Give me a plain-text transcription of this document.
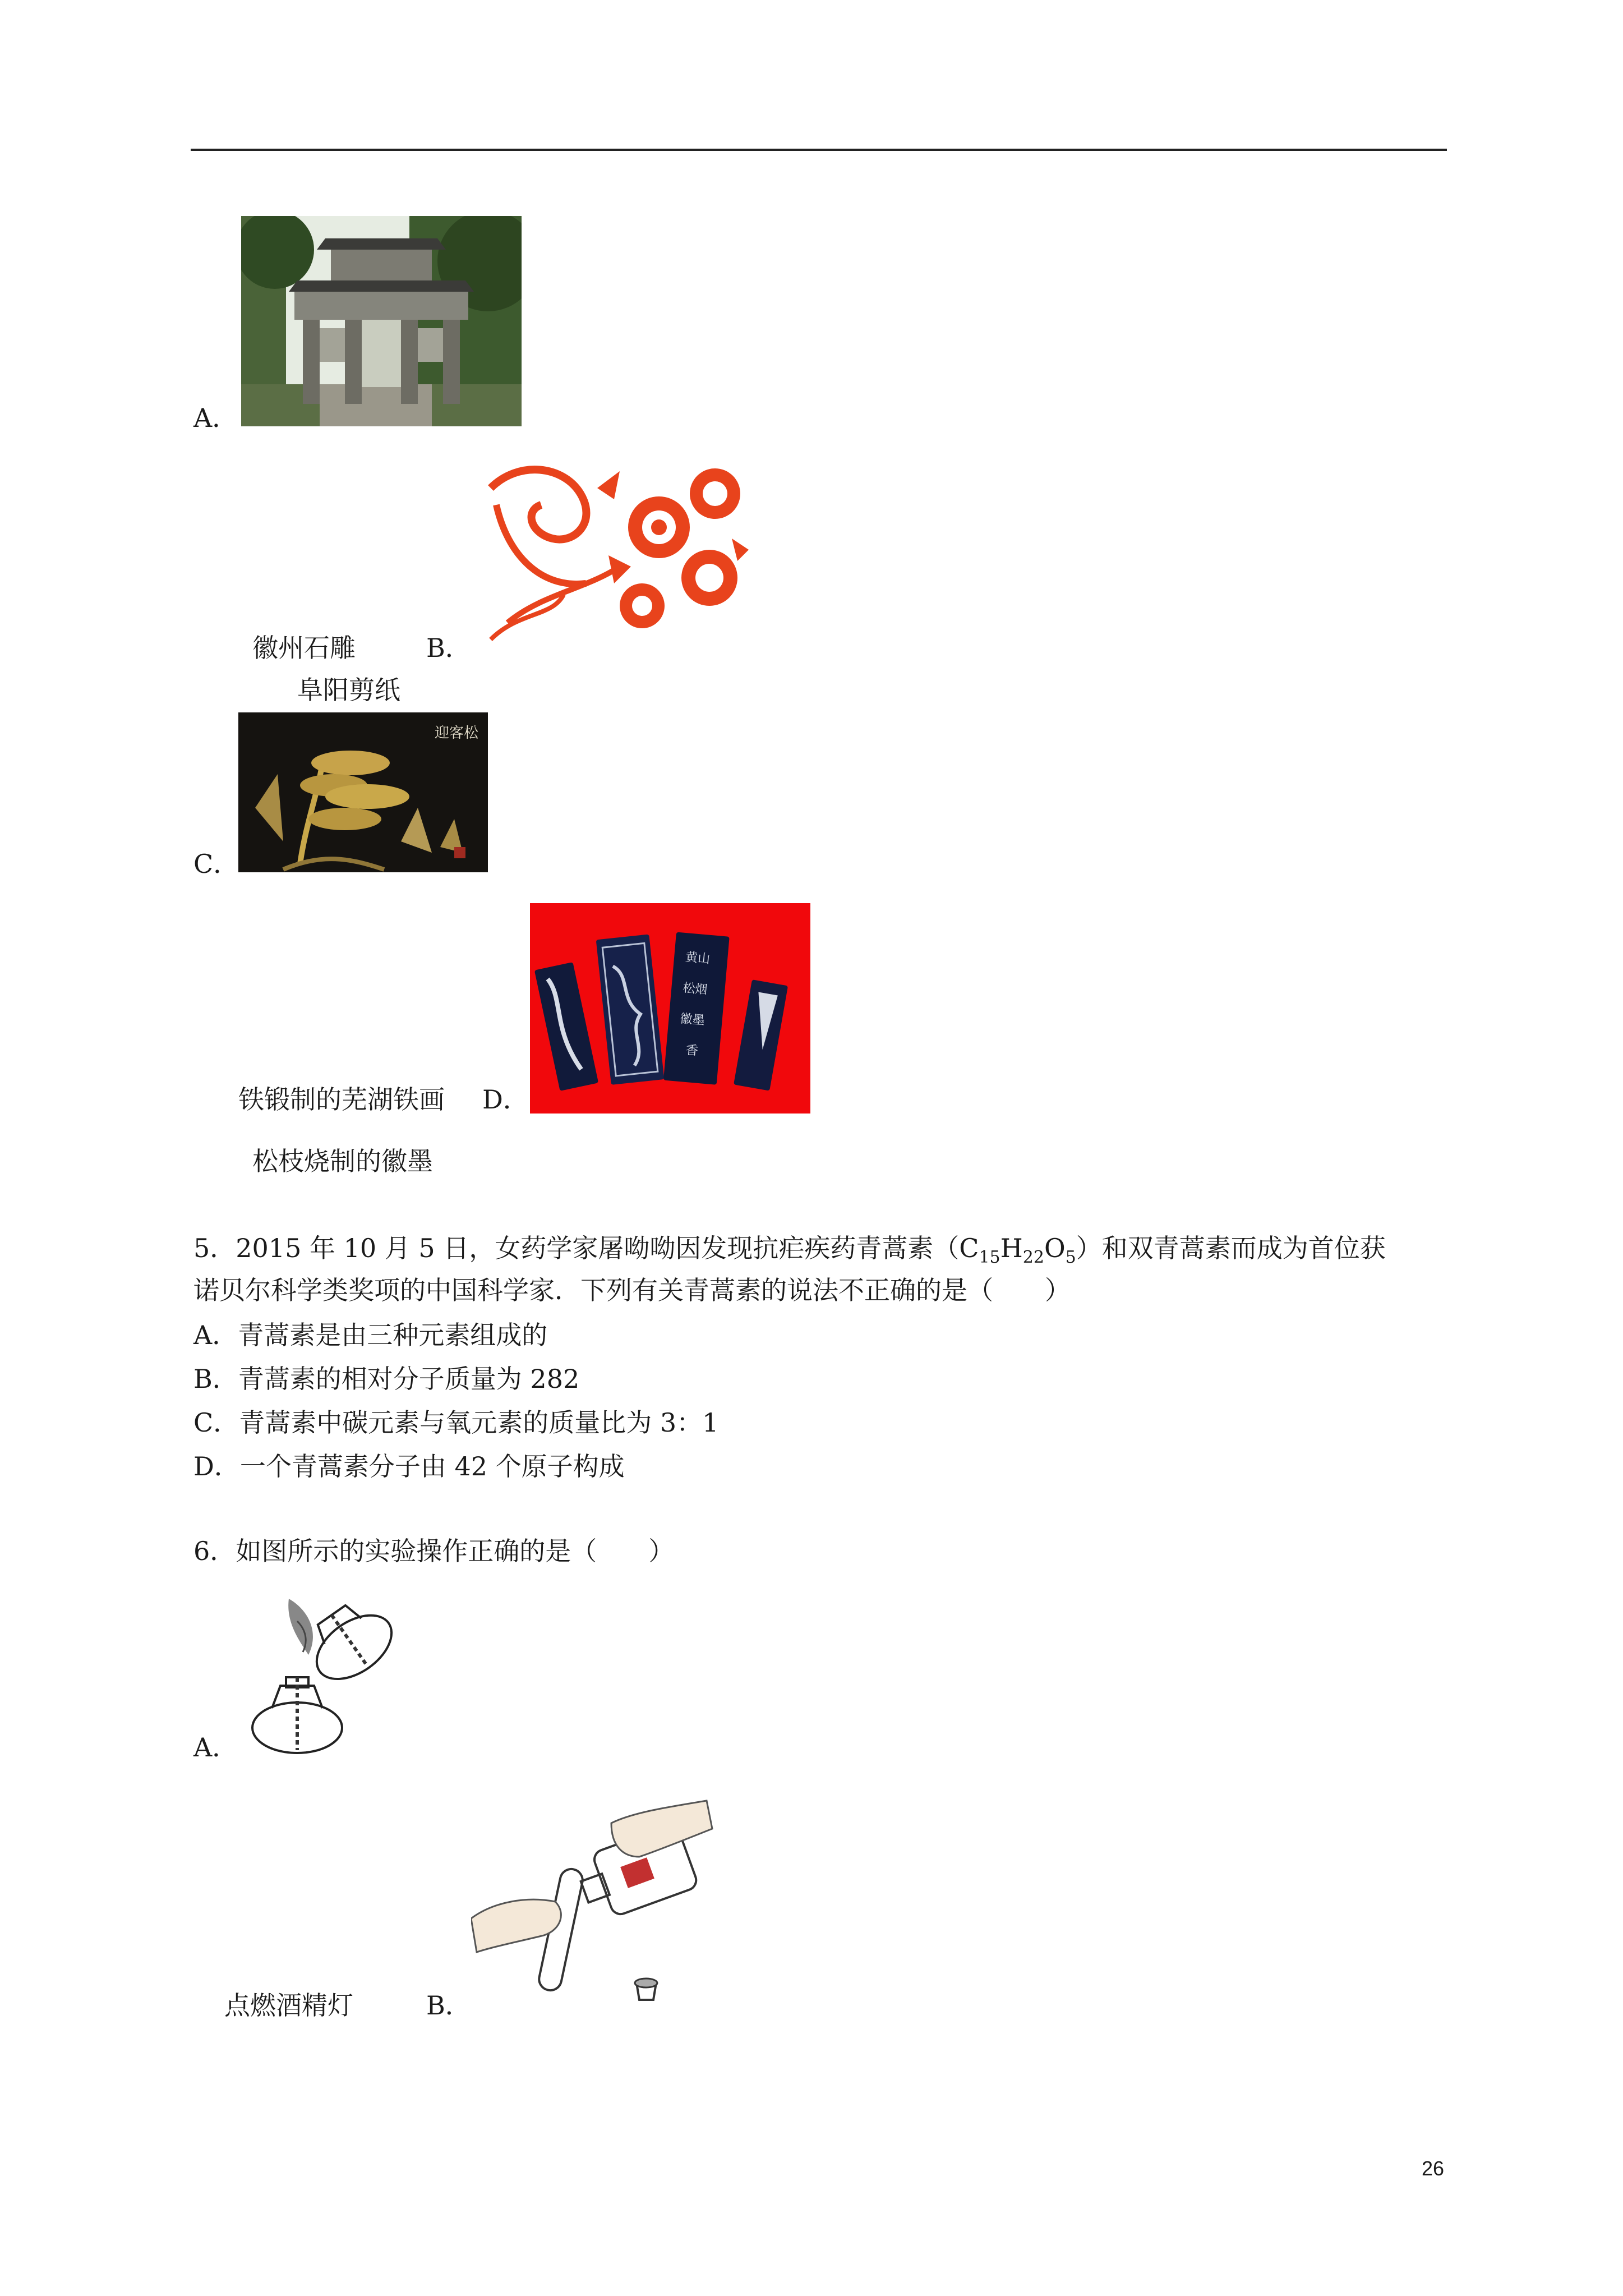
A．
徽州石雕	B．
阜阳剪纸
迎客松
C．
黄山
松烟
徽墨
香
铁锻制的芜湖铁画 D．
松枝烧制的徽墨
5．2015 年 10 月 5 日，女药学家屠呦呦因发现抗疟疾药青蒿素$(C_{15}H_{22}O_5)$和双青蒿素而成为首位获
诺贝尔科学类奖项的中国科学家．下列有关青蒿素的说法不正确的是（　　）
A．青蒿素是由三种元素组成的
B．青蒿素的相对分子质量为 282
C．青蒿素中碳元素与氧元素的质量比为 3：1
D．一个青蒿素分子由 42 个原子构成
6．如图所示的实验操作正确的是（　　）
A．
点燃酒精灯	B．
26
